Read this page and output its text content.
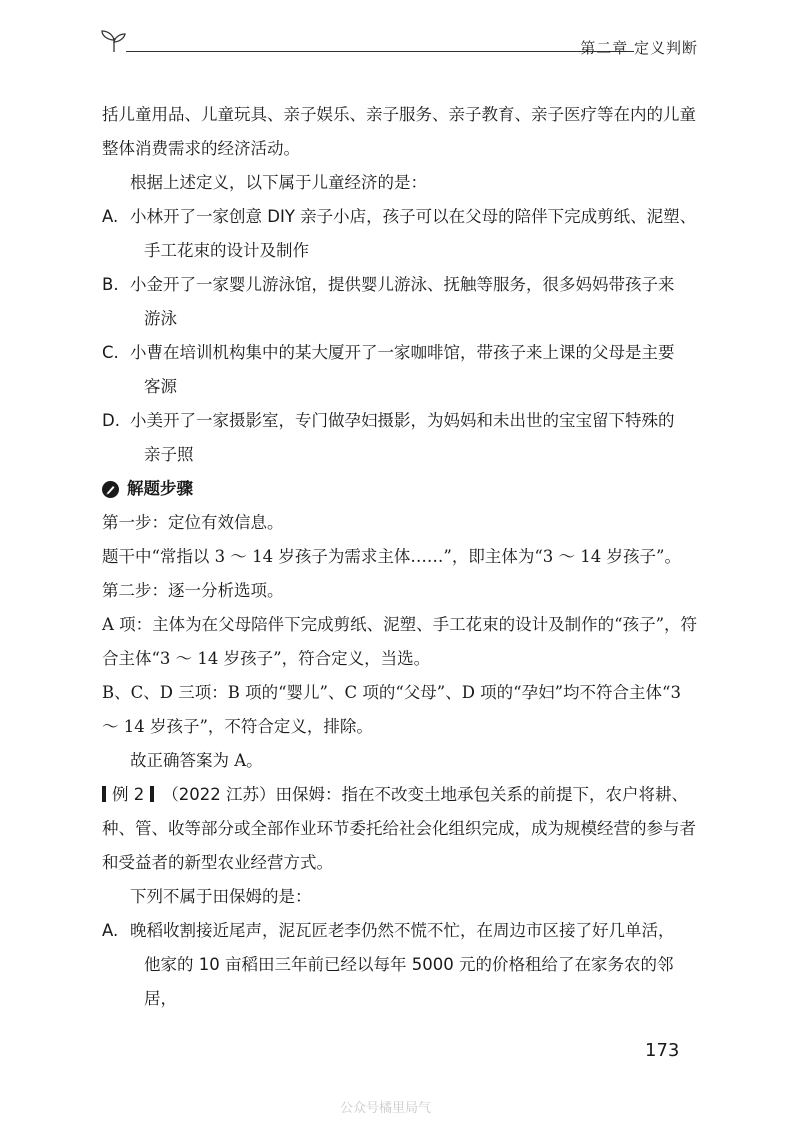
第二章 定义判断

括儿童用品、儿童玩具、亲子娱乐、亲子服务、亲子教育、亲子医疗等在内的儿童整体消费需求的经济活动。

根据上述定义，以下属于儿童经济的是：

A. 小林开了一家创意 DIY 亲子小店，孩子可以在父母的陪伴下完成剪纸、泥塑、

手工花束的设计及制作

B. 小金开了一家婴儿游泳馆，提供婴儿游泳、抚触等服务，很多妈妈带孩子来

游泳

C. 小曹在培训机构集中的某大厦开了一家咖啡馆，带孩子来上课的父母是主要

客源

D. 小美开了一家摄影室，专门做孕妇摄影，为妈妈和未出世的宝宝留下特殊的

亲子照

解题步骤

第一步：定位有效信息。

题干中“常指以 3 ～ 14 岁孩子为需求主体……”，即主体为“3 ～ 14 岁孩子”。

第二步：逐一分析选项。

A 项：主体为在父母陪伴下完成剪纸、泥塑、手工花束的设计及制作的“孩子”，符合主体“3 ～ 14 岁孩子”，符合定义，当选。

B、C、D 三项：B 项的“婴儿”、C 项的“父母”、D 项的“孕妇”均不符合主体“3 ～ 14 岁孩子”，不符合定义，排除。

故正确答案为 A。

例 2 （2022 江苏）田保姆：指在不改变土地承包关系的前提下，农户将耕、种、管、收等部分或全部作业环节委托给社会化组织完成，成为规模经营的参与者和受益者的新型农业经营方式。

下列不属于田保姆的是：

A. 晚稻收割接近尾声，泥瓦匠老李仍然不慌不忙，在周边市区接了好几单活，

他家的 10 亩稻田三年前已经以每年 5000 元的价格租给了在家务农的邻居，

173
公众号橘里局气
